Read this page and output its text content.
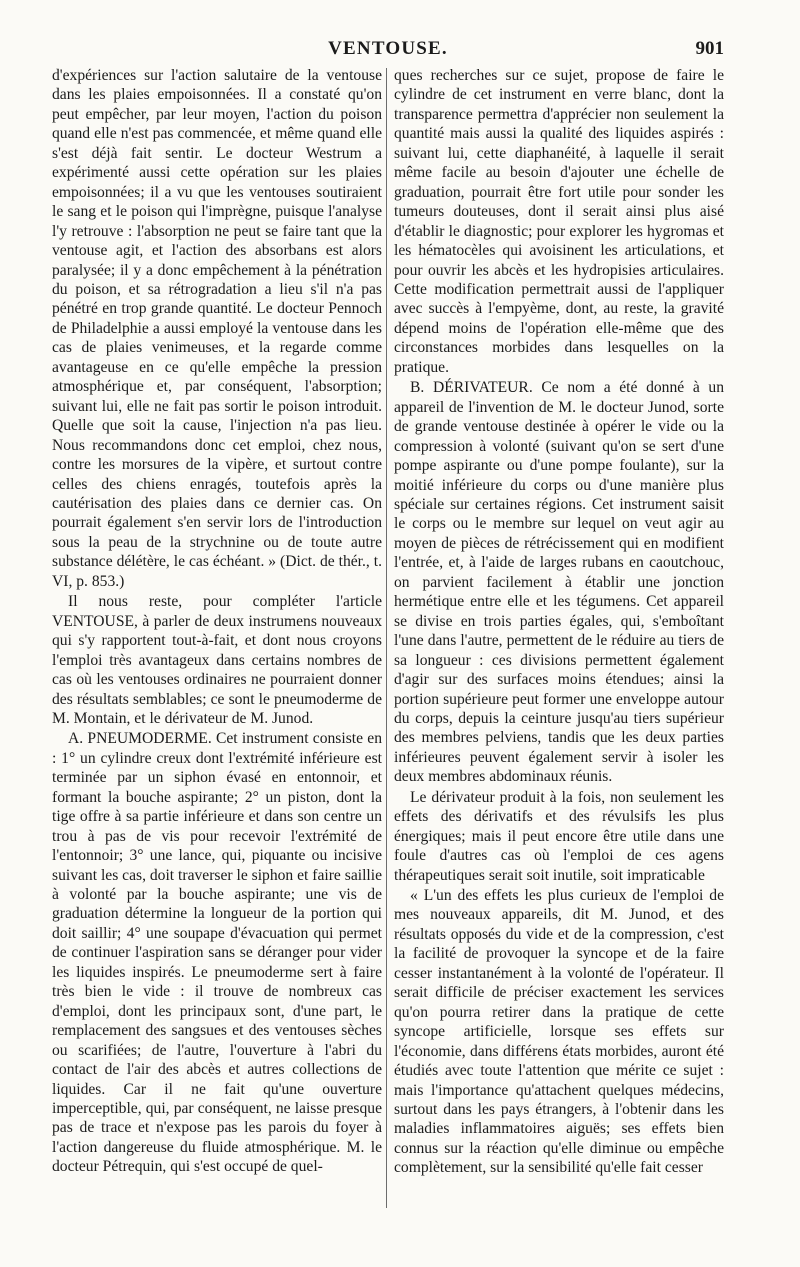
VENTOUSE.	901

d'expériences sur l'action salutaire de la ventouse dans les plaies empoisonnées. Il a constaté qu'on peut empêcher, par leur moyen, l'action du poison quand elle n'est pas commencée, et même quand elle s'est déjà fait sentir. Le docteur Westrum a expérimenté aussi cette opération sur les plaies empoisonnées; il a vu que les ventouses soutiraient le sang et le poison qui l'imprègne, puisque l'analyse l'y retrouve : l'absorption ne peut se faire tant que la ventouse agit, et l'action des absorbans est alors paralysée; il y a donc empêchement à la pénétration du poison, et sa rétrogradation a lieu s'il n'a pas pénétré en trop grande quantité. Le docteur Pennoch de Philadelphie a aussi employé la ventouse dans les cas de plaies venimeuses, et la regarde comme avantageuse en ce qu'elle empêche la pression atmosphérique et, par conséquent, l'absorption; suivant lui, elle ne fait pas sortir le poison introduit. Quelle que soit la cause, l'injection n'a pas lieu. Nous recommandons donc cet emploi, chez nous, contre les morsures de la vipère, et surtout contre celles des chiens enragés, toutefois après la cautérisation des plaies dans ce dernier cas. On pourrait également s'en servir lors de l'introduction sous la peau de la strychnine ou de toute autre substance délétère, le cas échéant. » (Dict. de thér., t. VI, p. 853.)

Il nous reste, pour compléter l'article VENTOUSE, à parler de deux instrumens nouveaux qui s'y rapportent tout-à-fait, et dont nous croyons l'emploi très avantageux dans certains nombres de cas où les ventouses ordinaires ne pourraient donner des résultats semblables; ce sont le pneumoderme de M. Montain, et le dérivateur de M. Junod.

A. PNEUMODERME. Cet instrument consiste en : 1° un cylindre creux dont l'extrémité inférieure est terminée par un siphon évasé en entonnoir, et formant la bouche aspirante; 2° un piston, dont la tige offre à sa partie inférieure et dans son centre un trou à pas de vis pour recevoir l'extrémité de l'entonnoir; 3° une lance, qui, piquante ou incisive suivant les cas, doit traverser le siphon et faire saillie à volonté par la bouche aspirante; une vis de graduation détermine la longueur de la portion qui doit saillir; 4° une soupape d'évacuation qui permet de continuer l'aspiration sans se déranger pour vider les liquides inspirés. Le pneumoderme sert à faire très bien le vide : il trouve de nombreux cas d'emploi, dont les principaux sont, d'une part, le remplacement des sangsues et des ventouses sèches ou scarifiées; de l'autre, l'ouverture à l'abri du contact de l'air des abcès et autres collections de liquides. Car il ne fait qu'une ouverture imperceptible, qui, par conséquent, ne laisse presque pas de trace et n'expose pas les parois du foyer à l'action dangereuse du fluide atmosphérique. M. le docteur Pétrequin, qui s'est occupé de quel-

ques recherches sur ce sujet, propose de faire le cylindre de cet instrument en verre blanc, dont la transparence permettra d'apprécier non seulement la quantité mais aussi la qualité des liquides aspirés : suivant lui, cette diaphanéité, à laquelle il serait même facile au besoin d'ajouter une échelle de graduation, pourrait être fort utile pour sonder les tumeurs douteuses, dont il serait ainsi plus aisé d'établir le diagnostic; pour explorer les hygromas et les hématocèles qui avoisinent les articulations, et pour ouvrir les abcès et les hydropisies articulaires. Cette modification permettrait aussi de l'appliquer avec succès à l'empyème, dont, au reste, la gravité dépend moins de l'opération elle-même que des circonstances morbides dans lesquelles on la pratique.

B. DÉRIVATEUR. Ce nom a été donné à un appareil de l'invention de M. le docteur Junod, sorte de grande ventouse destinée à opérer le vide ou la compression à volonté (suivant qu'on se sert d'une pompe aspirante ou d'une pompe foulante), sur la moitié inférieure du corps ou d'une manière plus spéciale sur certaines régions. Cet instrument saisit le corps ou le membre sur lequel on veut agir au moyen de pièces de rétrécissement qui en modifient l'entrée, et, à l'aide de larges rubans en caoutchouc, on parvient facilement à établir une jonction hermétique entre elle et les tégumens. Cet appareil se divise en trois parties égales, qui, s'emboîtant l'une dans l'autre, permettent de le réduire au tiers de sa longueur : ces divisions permettent également d'agir sur des surfaces moins étendues; ainsi la portion supérieure peut former une enveloppe autour du corps, depuis la ceinture jusqu'au tiers supérieur des membres pelviens, tandis que les deux parties inférieures peuvent également servir à isoler les deux membres abdominaux réunis.

Le dérivateur produit à la fois, non seulement les effets des dérivatifs et des révulsifs les plus énergiques; mais il peut encore être utile dans une foule d'autres cas où l'emploi de ces agens thérapeutiques serait soit inutile, soit impraticable

« L'un des effets les plus curieux de l'emploi de mes nouveaux appareils, dit M. Junod, et des résultats opposés du vide et de la compression, c'est la facilité de provoquer la syncope et de la faire cesser instantanément à la volonté de l'opérateur. Il serait difficile de préciser exactement les services qu'on pourra retirer dans la pratique de cette syncope artificielle, lorsque ses effets sur l'économie, dans différens états morbides, auront été étudiés avec toute l'attention que mérite ce sujet : mais l'importance qu'attachent quelques médecins, surtout dans les pays étrangers, à l'obtenir dans les maladies inflammatoires aiguës; ses effets bien connus sur la réaction qu'elle diminue ou empêche complètement, sur la sensibilité qu'elle fait cesser
